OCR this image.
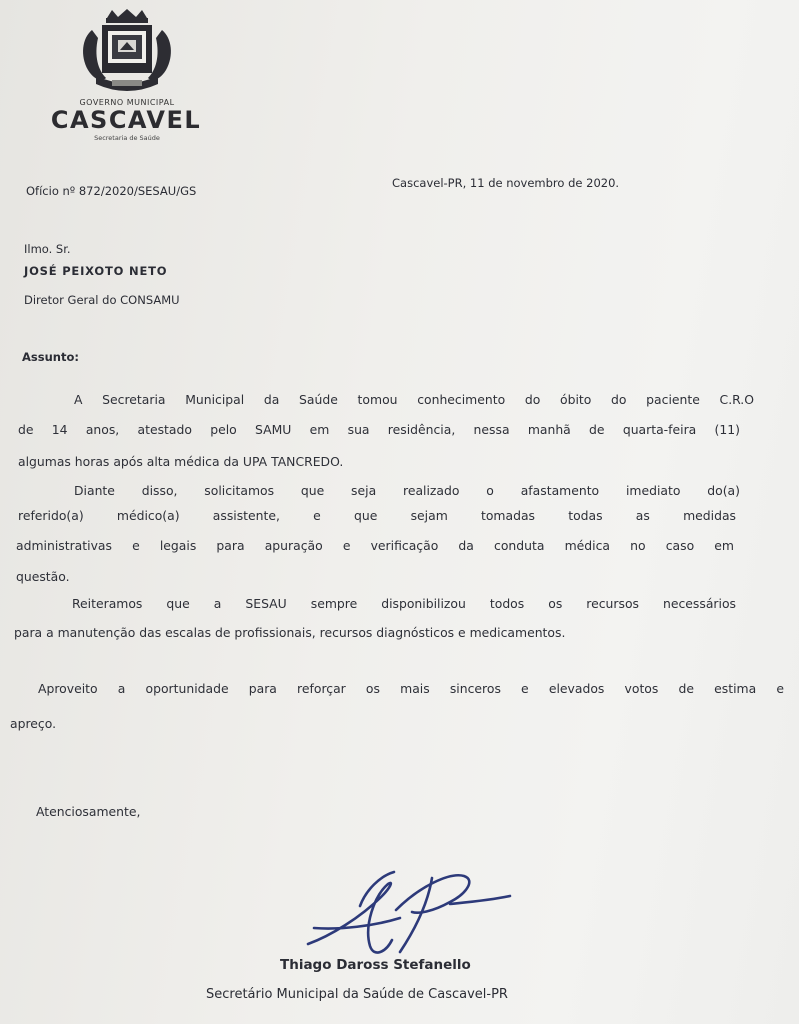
GOVERNO MUNICIPAL
CASCAVEL
Secretaria de Saúde
Ofício nº 872/2020/SESAU/GS
Cascavel-PR, 11 de novembro de 2020.
Ilmo. Sr.
JOSÉ PEIXOTO NETO
Diretor Geral do CONSAMU
Assunto:
A Secretaria Municipal da Saúde tomou conhecimento do óbito do paciente C.R.O
de 14 anos, atestado pelo SAMU em sua residência, nessa manhã de quarta-feira (11)
algumas horas após alta médica da UPA TANCREDO.
Diante disso, solicitamos que seja realizado o afastamento imediato do(a)
referido(a) médico(a) assistente, e que sejam tomadas todas as medidas
administrativas e legais para apuração e verificação da conduta médica no caso em
questão.
Reiteramos que a SESAU sempre disponibilizou todos os recursos necessários
para a manutenção das escalas de profissionais, recursos diagnósticos e medicamentos.
Aproveito a oportunidade para reforçar os mais sinceros e elevados votos de estima e
apreço.
Atenciosamente,
Thiago Daross Stefanello
Secretário Municipal da Saúde de Cascavel-PR
